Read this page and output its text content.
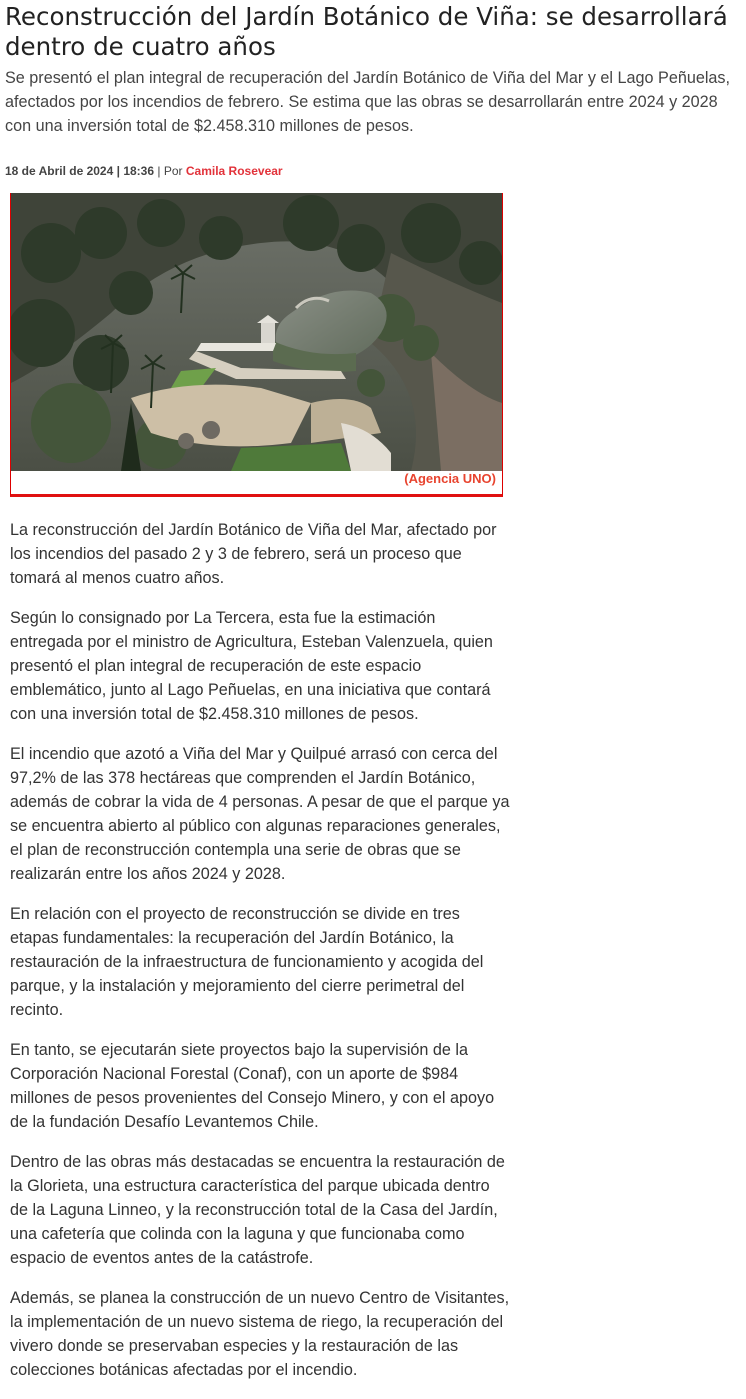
Reconstrucción del Jardín Botánico de Viña: se desarrollará dentro de cuatro años

Se presentó el plan integral de recuperación del Jardín Botánico de Viña del Mar y el Lago Peñuelas, afectados por los incendios de febrero. Se estima que las obras se desarrollarán entre 2024 y 2028 con una inversión total de $2.458.310 millones de pesos.

18 de Abril de 2024 | 18:36 | Por Camila Rosevear
(Agencia UNO)

La reconstrucción del Jardín Botánico de Viña del Mar, afectado por los incendios del pasado 2 y 3 de febrero, será un proceso que tomará al menos cuatro años.

Según lo consignado por La Tercera, esta fue la estimación entregada por el ministro de Agricultura, Esteban Valenzuela, quien presentó el plan integral de recuperación de este espacio emblemático, junto al Lago Peñuelas, en una iniciativa que contará con una inversión total de $2.458.310 millones de pesos.

El incendio que azotó a Viña del Mar y Quilpué arrasó con cerca del 97,2% de las 378 hectáreas que comprenden el Jardín Botánico, además de cobrar la vida de 4 personas. A pesar de que el parque ya se encuentra abierto al público con algunas reparaciones generales, el plan de reconstrucción contempla una serie de obras que se realizarán entre los años 2024 y 2028.

En relación con el proyecto de reconstrucción se divide en tres etapas fundamentales: la recuperación del Jardín Botánico, la restauración de la infraestructura de funcionamiento y acogida del parque, y la instalación y mejoramiento del cierre perimetral del recinto.

En tanto, se ejecutarán siete proyectos bajo la supervisión de la Corporación Nacional Forestal (Conaf), con un aporte de $984 millones de pesos provenientes del Consejo Minero, y con el apoyo de la fundación Desafío Levantemos Chile.

Dentro de las obras más destacadas se encuentra la restauración de la Glorieta, una estructura característica del parque ubicada dentro de la Laguna Linneo, y la reconstrucción total de la Casa del Jardín, una cafetería que colinda con la laguna y que funcionaba como espacio de eventos antes de la catástrofe.

Además, se planea la construcción de un nuevo Centro de Visitantes, la implementación de un nuevo sistema de riego, la recuperación del vivero donde se preservaban especies y la restauración de las colecciones botánicas afectadas por el incendio.
